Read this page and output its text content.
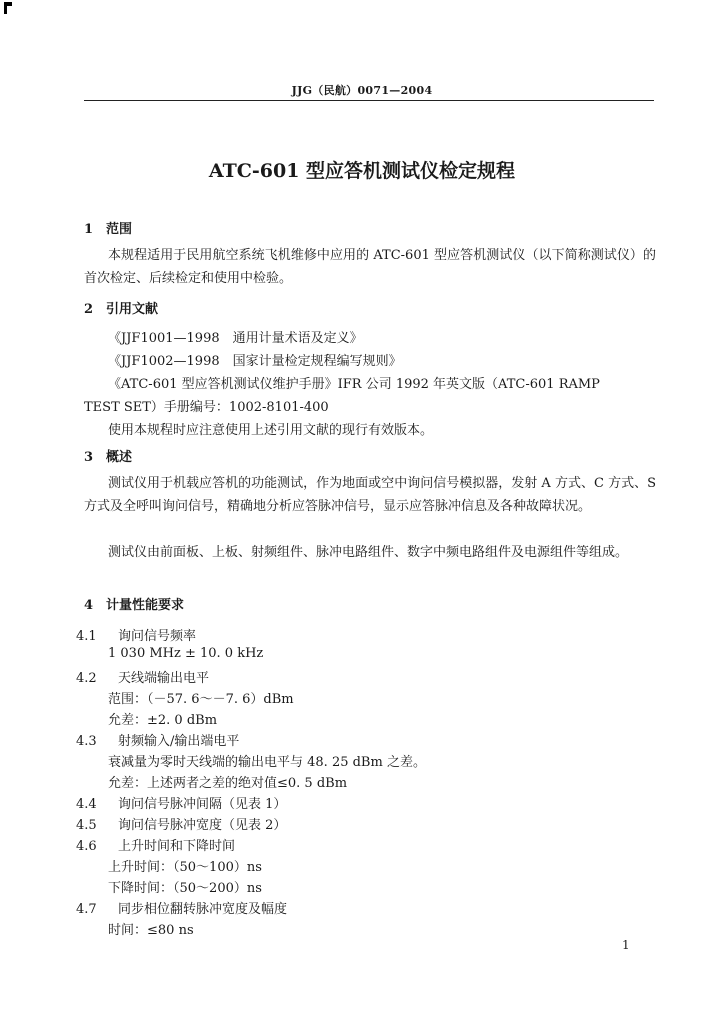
JJG（民航）0071—2004
ATC-601 型应答机测试仪检定规程
1 范围
本规程适用于民用航空系统飞机维修中应用的 ATC-601 型应答机测试仪（以下简称测试仪）的首次检定、后续检定和使用中检验。
2 引用文献
《JJF1001—1998　通用计量术语及定义》
《JJF1002—1998　国家计量检定规程编写规则》
《ATC-601 型应答机测试仪维护手册》IFR 公司 1992 年英文版（ATC-601 RAMP
TEST SET）手册编号：1002-8101-400
使用本规程时应注意使用上述引用文献的现行有效版本。
3 概述
测试仪用于机载应答机的功能测试，作为地面或空中询问信号模拟器，发射 A 方式、C 方式、S 方式及全呼叫询问信号，精确地分析应答脉冲信号，显示应答脉冲信息及各种故障状况。
测试仪由前面板、上板、射频组件、脉冲电路组件、数字中频电路组件及电源组件等组成。
4 计量性能要求
4.1 询问信号频率
1 030 MHz ± 10. 0 kHz
4.2 天线端输出电平
范围：（－57. 6～－7. 6）dBm
允差：±2. 0 dBm
4.3 射频输入/输出端电平
衰减量为零时天线端的输出电平与 48. 25 dBm 之差。
允差：上述两者之差的绝对值≤0. 5 dBm
4.4 询问信号脉冲间隔（见表 1）
4.5 询问信号脉冲宽度（见表 2）
4.6 上升时间和下降时间
上升时间：（50～100）ns
下降时间：（50～200）ns
4.7 同步相位翻转脉冲宽度及幅度
时间：≤80 ns
1
